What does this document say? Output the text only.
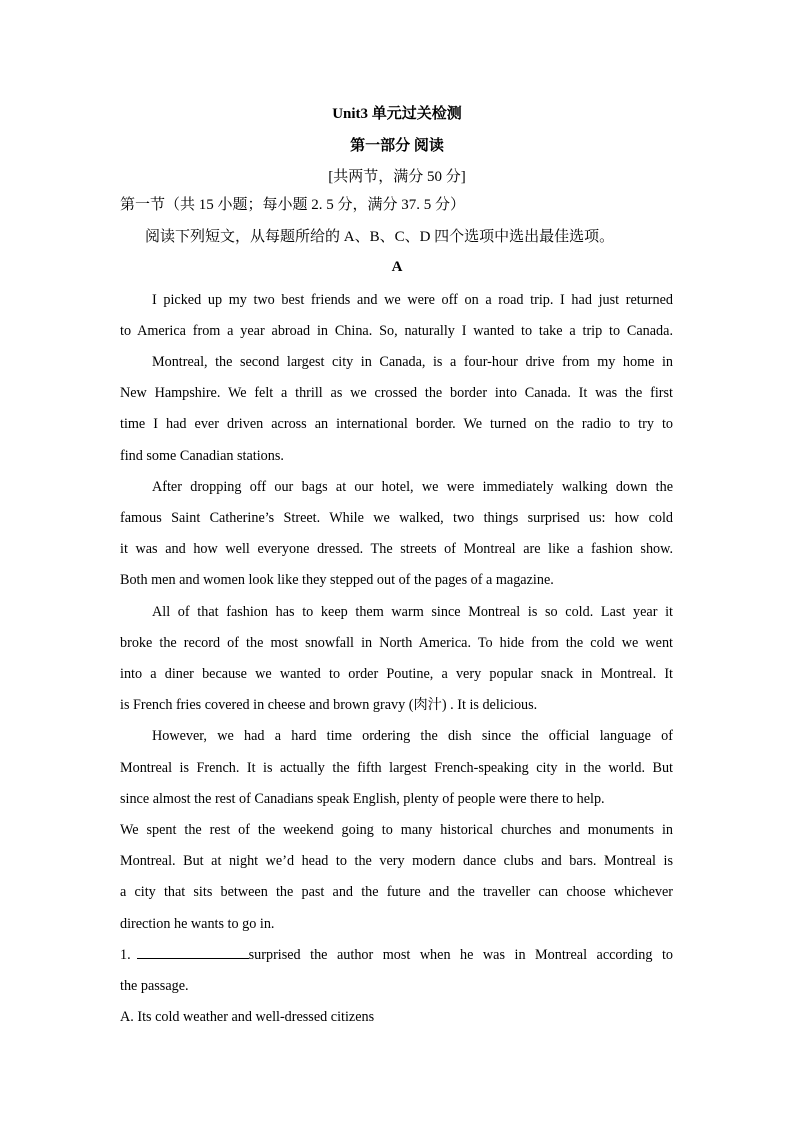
Unit3 单元过关检测
第一部分 阅读
[共两节，满分 50 分]
第一节（共 15 小题；每小题 2. 5 分，满分 37. 5 分）
阅读下列短文，从每题所给的 A、B、C、D 四个选项中选出最佳选项。
A
I picked up my two best friends and we were off on a road trip. I had just returned
to America from a year abroad in China. So, naturally I wanted to take a trip to Canada.
Montreal, the second largest city in Canada, is a four-hour drive from my home in
New Hampshire. We felt a thrill as we crossed the border into Canada. It was the first
time I had ever driven across an international border. We turned on the radio to try to
find some Canadian stations.
After dropping off our bags at our hotel, we were immediately walking down the
famous Saint Catherine’s Street. While we walked, two things surprised us: how cold
it was and how well everyone dressed. The streets of Montreal are like a fashion show.
Both men and women look like they stepped out of the pages of a magazine.
All of that fashion has to keep them warm since Montreal is so cold. Last year it
broke the record of the most snowfall in North America. To hide from the cold we went
into a diner because we wanted to order Poutine, a very popular snack in Montreal. It
is French fries covered in cheese and brown gravy (肉汁) . It is delicious.
However, we had a hard time ordering the dish since the official language of
Montreal is French. It is actually the fifth largest French-speaking city in the world. But
since almost the rest of Canadians speak English, plenty of people were there to help.
We spent the rest of the weekend going to many historical churches and monuments in
Montreal. But at night we’d head to the very modern dance clubs and bars. Montreal is
a city that sits between the past and the future and the traveller can choose whichever
direction he wants to go in.
1.	surprised the author most when he was in Montreal according to
the passage.
A. Its cold weather and well-dressed citizens
